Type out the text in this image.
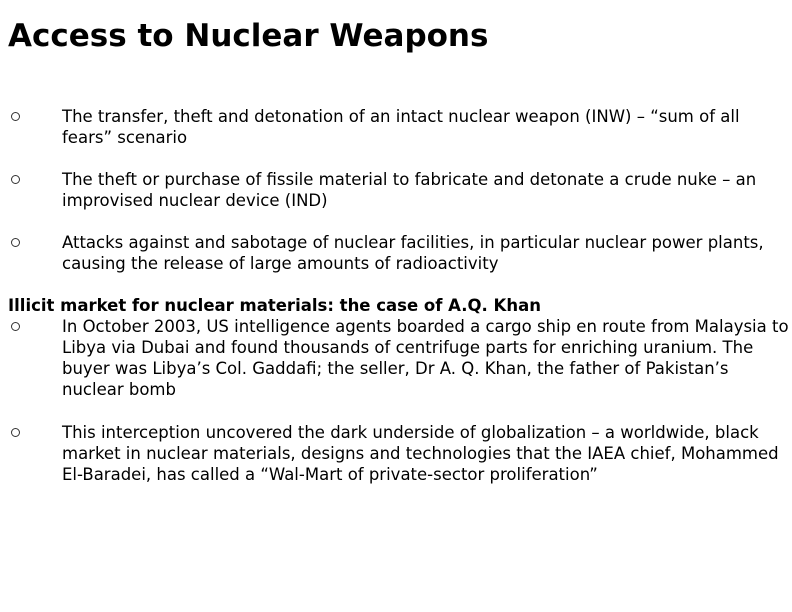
Access to Nuclear Weapons

The transfer, theft and detonation of an intact nuclear weapon (INW) – “sum of all fears” scenario

The theft or purchase of fissile material to fabricate and detonate a crude nuke – an improvised nuclear device (IND)

Attacks against and sabotage of nuclear facilities, in particular nuclear power plants, causing the release of large amounts of radioactivity

Illicit market for nuclear materials: the case of A.Q. Khan

In October 2003, US intelligence agents boarded a cargo ship en route from Malaysia to Libya via Dubai and found thousands of centrifuge parts for enriching uranium. The buyer was Libya’s Col. Gaddafi; the seller, Dr A. Q. Khan, the father of Pakistan’s nuclear bomb

This interception uncovered the dark underside of globalization – a worldwide, black market in nuclear materials, designs and technologies that the IAEA chief, Mohammed El-Baradei, has called a “Wal-Mart of private-sector proliferation”
